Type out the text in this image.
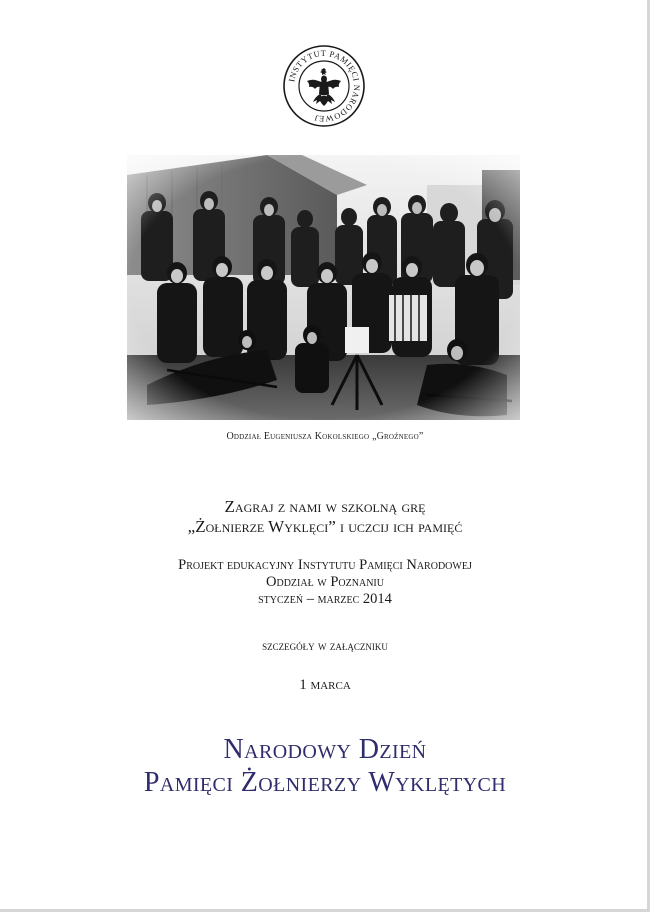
INSTYTUT PAMIĘCI NARODOWEJ
Oddział Eugeniusza Kokolskiego „Groźnego”
Zagraj z nami w szkolną grę
„Żołnierze Wyklęci” i uczcij ich pamięć
Projekt edukacyjny Instytutu Pamięci Narodowej
Oddział w Poznaniu
styczeń – marzec 2014
szczegóły w załączniku
1 marca
Narodowy Dzień
Pamięci Żołnierzy Wyklętych
